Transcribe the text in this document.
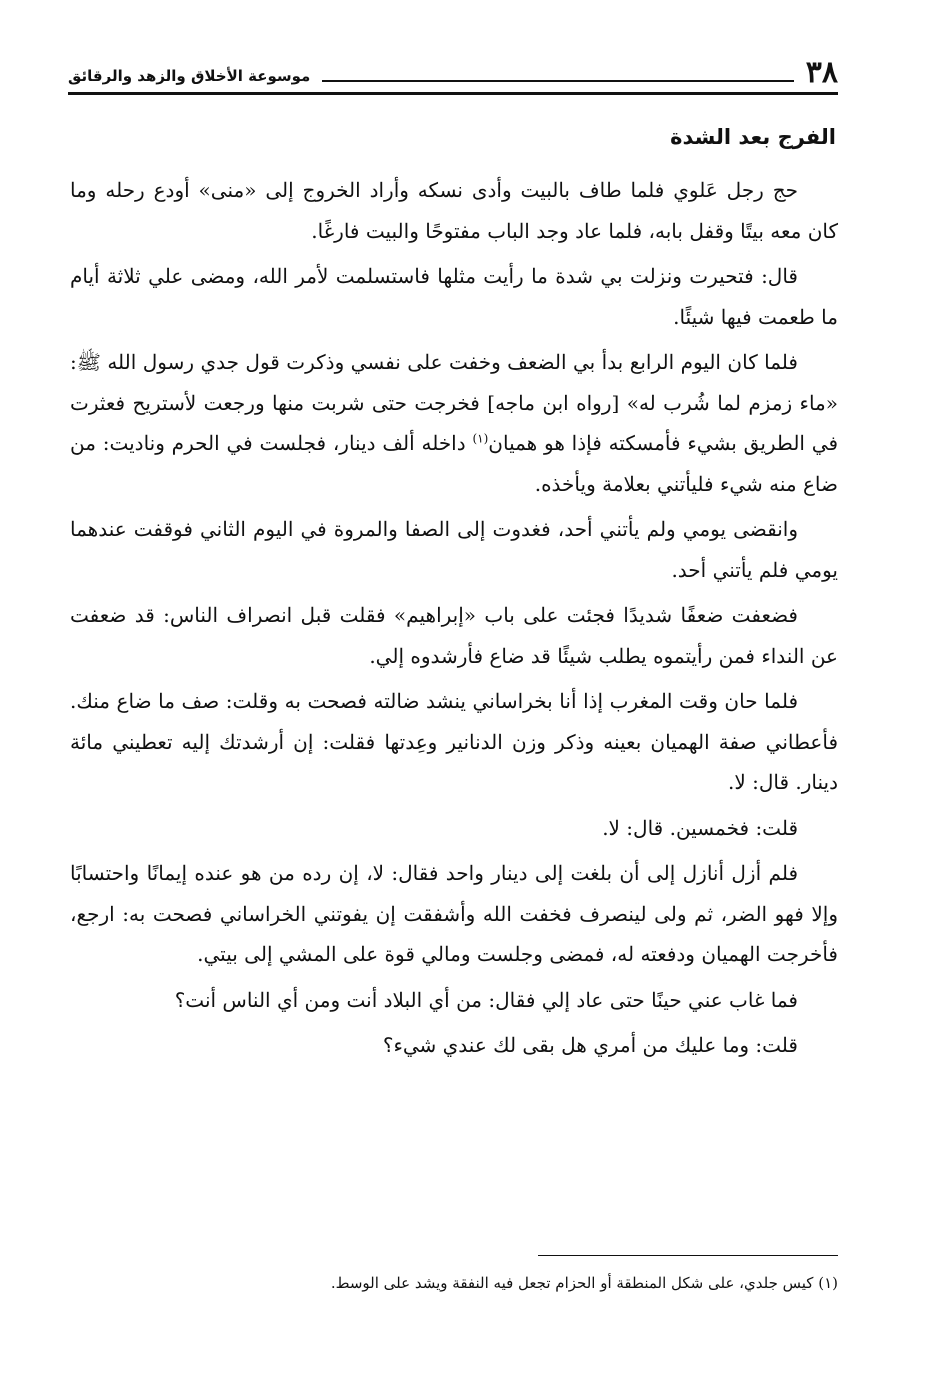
٣٨
موسوعة الأخلاق والزهد والرقائق
الفرج بعد الشدة

حج رجل عَلوي فلما طاف بالبيت وأدى نسكه وأراد الخروج إلى «منى» أودع رحله وما كان معه بيتًا وقفل بابه، فلما عاد وجد الباب مفتوحًا والبيت فارغًا.

قال: فتحيرت ونزلت بي شدة ما رأيت مثلها فاستسلمت لأمر الله، ومضى علي ثلاثة أيام ما طعمت فيها شيئًا.

فلما كان اليوم الرابع بدأ بي الضعف وخفت على نفسي وذكرت قول جدي رسول الله ﷺ: «ماء زمزم لما شُرب له» [رواه ابن ماجه] فخرجت حتى شربت منها ورجعت لأستريح فعثرت في الطريق بشيء فأمسكته فإذا هو هميان$^{(١)}$ داخله ألف دينار، فجلست في الحرم وناديت: من ضاع منه شيء فليأتني بعلامة ويأخذه.

وانقضى يومي ولم يأتني أحد، فغدوت إلى الصفا والمروة في اليوم الثاني فوقفت عندهما يومي فلم يأتني أحد.

فضعفت ضعفًا شديدًا فجئت على باب «إبراهيم» فقلت قبل انصراف الناس: قد ضعفت عن النداء فمن رأيتموه يطلب شيئًا قد ضاع فأرشدوه إلي.

فلما حان وقت المغرب إذا أنا بخراساني ينشد ضالته فصحت به وقلت: صف ما ضاع منك. فأعطاني صفة الهميان بعينه وذكر وزن الدنانير وعِدتها فقلت: إن أرشدتك إليه تعطيني مائة دينار. قال: لا.

قلت: فخمسين. قال: لا.

فلم أزل أنازل إلى أن بلغت إلى دينار واحد فقال: لا، إن رده من هو عنده إيمانًا واحتسابًا وإلا فهو الضر، ثم ولى لينصرف فخفت الله وأشفقت إن يفوتني الخراساني فصحت به: ارجع، فأخرجت الهميان ودفعته له، فمضى وجلست ومالي قوة على المشي إلى بيتي.

فما غاب عني حينًا حتى عاد إلي فقال: من أي البلاد أنت ومن أي الناس أنت؟

قلت: وما عليك من أمري هل بقى لك عندي شيء؟

(١) كيس جلدي، على شكل المنطقة أو الحزام تجعل فيه النفقة ويشد على الوسط.
